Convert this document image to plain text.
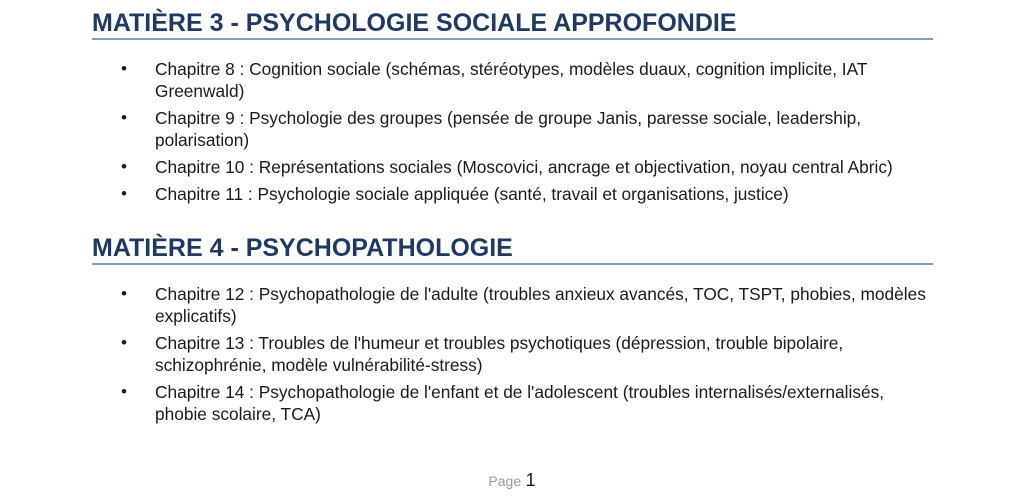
MATIÈRE 3 - PSYCHOLOGIE SOCIALE APPROFONDIE
• Chapitre 8 : Cognition sociale (schémas, stéréotypes, modèles duaux, cognition implicite, IAT Greenwald)
• Chapitre 9 : Psychologie des groupes (pensée de groupe Janis, paresse sociale, leadership, polarisation)
• Chapitre 10 : Représentations sociales (Moscovici, ancrage et objectivation, noyau central Abric)
• Chapitre 11 : Psychologie sociale appliquée (santé, travail et organisations, justice)
MATIÈRE 4 - PSYCHOPATHOLOGIE
• Chapitre 12 : Psychopathologie de l'adulte (troubles anxieux avancés, TOC, TSPT, phobies, modèles explicatifs)
• Chapitre 13 : Troubles de l'humeur et troubles psychotiques (dépression, trouble bipolaire, schizophrénie, modèle vulnérabilité-stress)
• Chapitre 14 : Psychopathologie de l'enfant et de l'adolescent (troubles internalisés/externalisés, phobie scolaire, TCA)
Page 1
